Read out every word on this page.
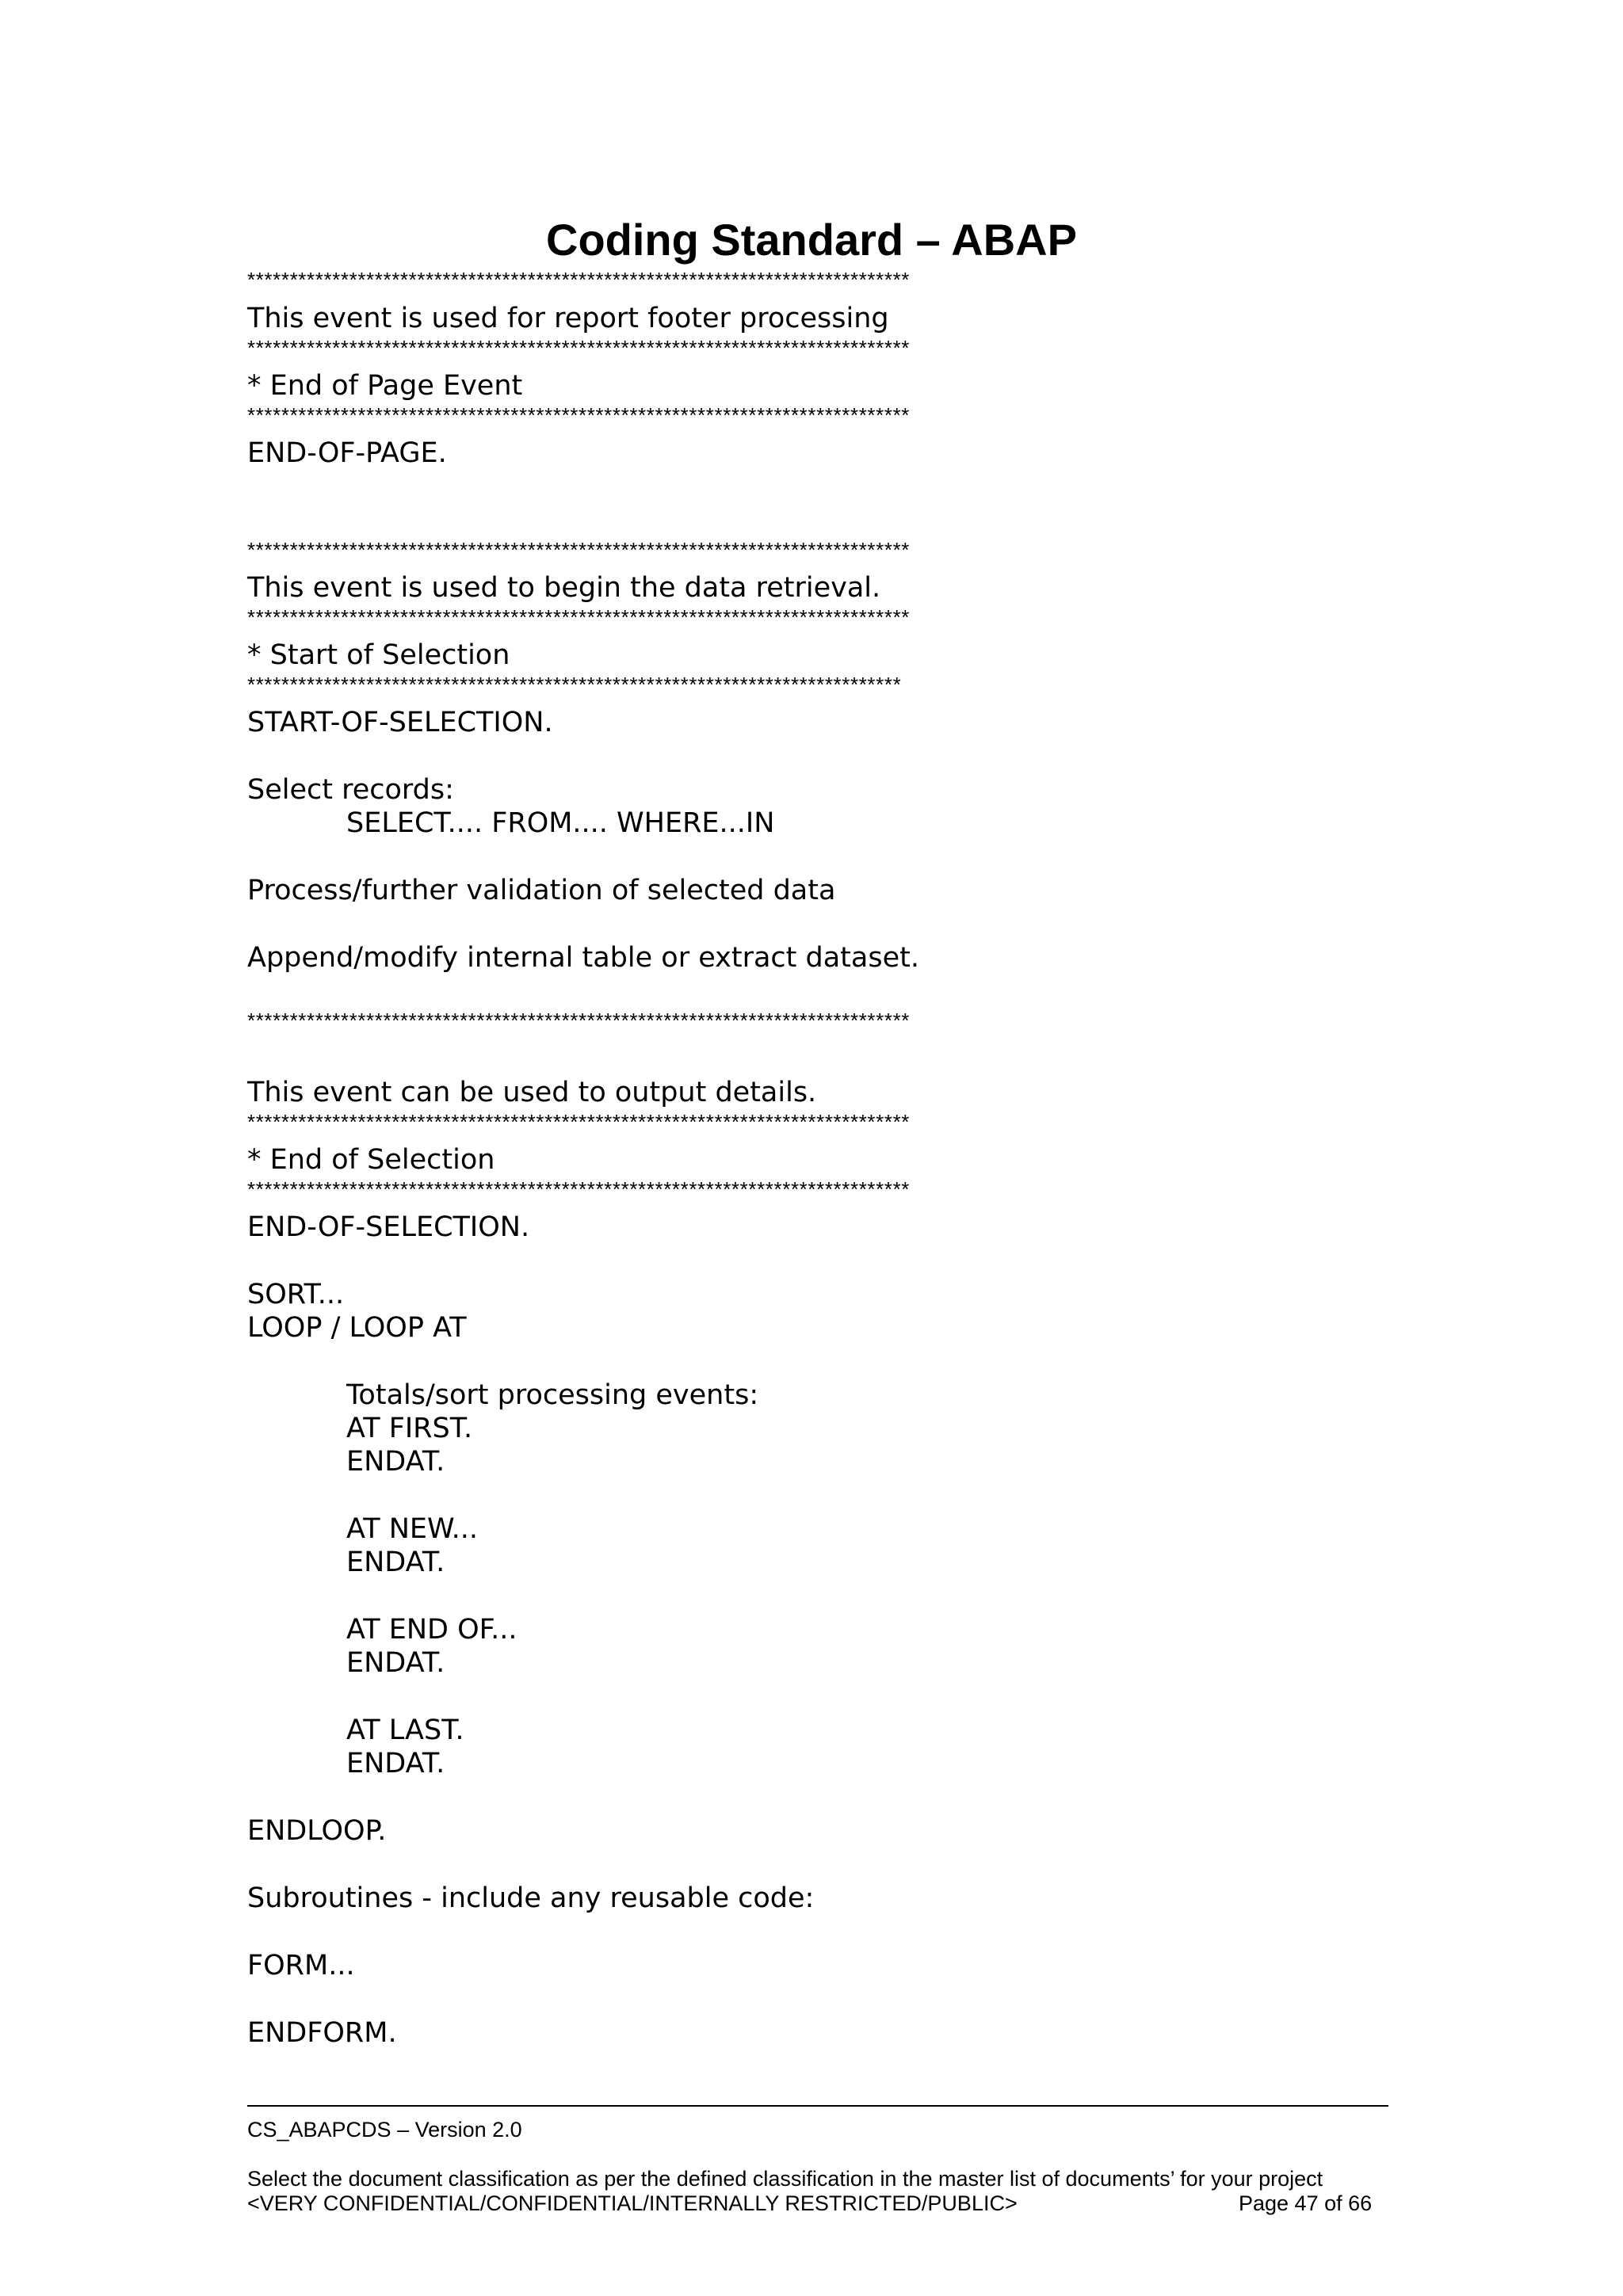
Coding Standard – ABAP
******************************************************************************
This event is used for report footer processing
******************************************************************************
* End of Page Event
******************************************************************************
END-OF-PAGE.
******************************************************************************
This event is used to begin the data retrieval.
******************************************************************************
* Start of Selection
*****************************************************************************
START-OF-SELECTION.
Select records:
SELECT.... FROM.... WHERE...IN
Process/further validation of selected data
Append/modify internal table or extract dataset.
******************************************************************************
This event can be used to output details.
******************************************************************************
* End of Selection
******************************************************************************
END-OF-SELECTION.
SORT...
LOOP / LOOP AT
Totals/sort processing events:
AT FIRST.
ENDAT.
AT NEW...
ENDAT.
AT END OF...
ENDAT.
AT LAST.
ENDAT.
ENDLOOP.
Subroutines - include any reusable code:
FORM...
ENDFORM.
CS_ABAPCDS – Version 2.0
Select the document classification as per the defined classification in the master list of documents’ for your project
<VERY CONFIDENTIAL/CONFIDENTIAL/INTERNALLY RESTRICTED/PUBLIC>	Page 47 of 66
